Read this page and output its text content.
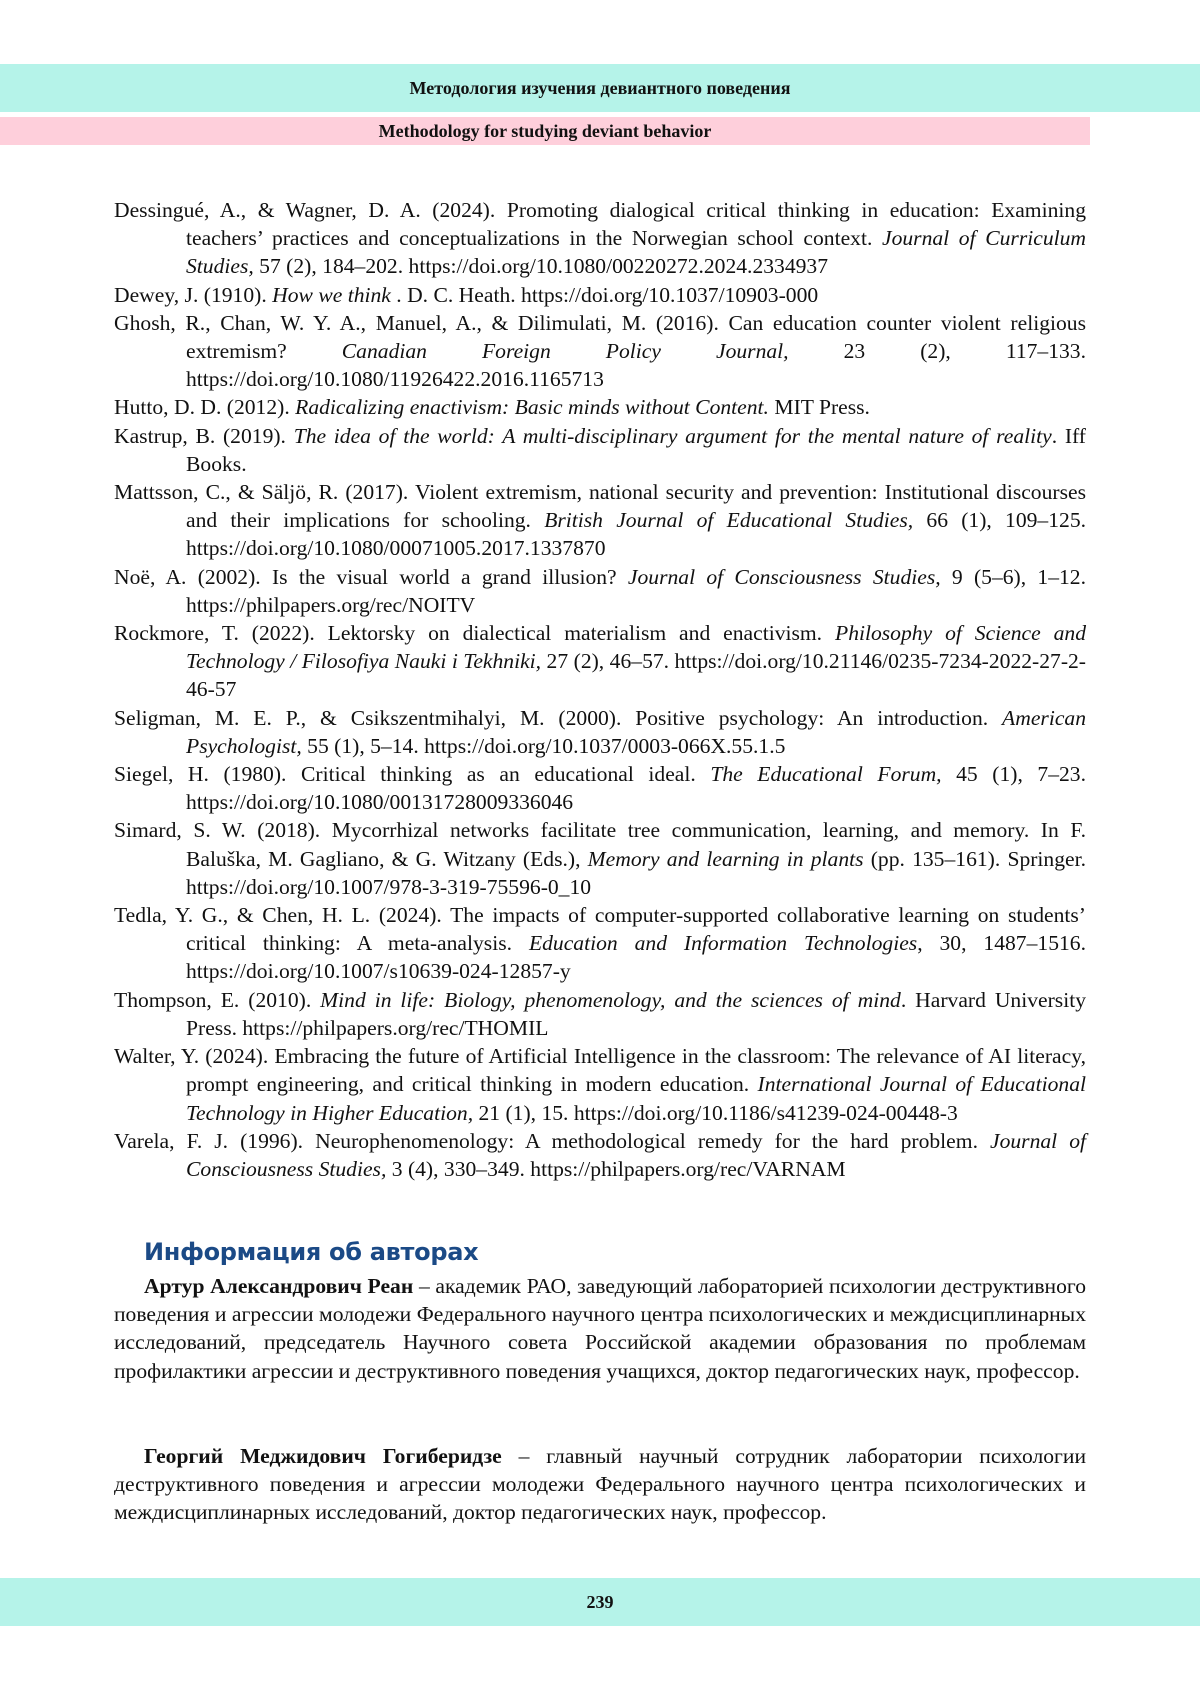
Методология изучения девиантного поведения
Methodology for studying deviant behavior
Dessingué, A., & Wagner, D. A. (2024). Promoting dialogical critical thinking in education: Examining teachers’ practices and conceptualizations in the Norwegian school context. Journal of Curriculum Studies, 57 (2), 184–202. https://doi.org/10.1080/00220272.2024.2334937
Dewey, J. (1910). How we think . D. C. Heath. https://doi.org/10.1037/10903-000
Ghosh, R., Chan, W. Y. A., Manuel, A., & Dilimulati, M. (2016). Can education counter violent religious extremism? Canadian Foreign Policy Journal, 23 (2), 117–133. https://doi.org/10.1080/11926422.2016.1165713
Hutto, D. D. (2012). Radicalizing enactivism: Basic minds without Content. MIT Press.
Kastrup, B. (2019). The idea of the world: A multi-disciplinary argument for the mental nature of reality. Iff Books.
Mattsson, C., & Säljö, R. (2017). Violent extremism, national security and prevention: Institutional discourses and their implications for schooling. British Journal of Educational Studies, 66 (1), 109–125. https://doi.org/10.1080/00071005.2017.1337870
Noë, A. (2002). Is the visual world a grand illusion? Journal of Consciousness Studies, 9 (5–6), 1–12. https://philpapers.org/rec/NOITV
Rockmore, T. (2022). Lektorsky on dialectical materialism and enactivism. Philosophy of Science and Technology / Filosofiya Nauki i Tekhniki, 27 (2), 46–57. https://doi.org/10.21146/0235-7234-2022-27-2-46-57
Seligman, M. E. P., & Csikszentmihalyi, M. (2000). Positive psychology: An introduction. American Psychologist, 55 (1), 5–14. https://doi.org/10.1037/0003-066X.55.1.5
Siegel, H. (1980). Critical thinking as an educational ideal. The Educational Forum, 45 (1), 7–23. https://doi.org/10.1080/00131728009336046
Simard, S. W. (2018). Mycorrhizal networks facilitate tree communication, learning, and memory. In F. Baluška, M. Gagliano, & G. Witzany (Eds.), Memory and learning in plants (pp. 135–161). Springer. https://doi.org/10.1007/978-3-319-75596-0_10
Tedla, Y. G., & Chen, H. L. (2024). The impacts of computer-supported collaborative learning on students’ critical thinking: A meta-analysis. Education and Information Technologies, 30, 1487–1516. https://doi.org/10.1007/s10639-024-12857-y
Thompson, E. (2010). Mind in life: Biology, phenomenology, and the sciences of mind. Harvard University Press. https://philpapers.org/rec/THOMIL
Walter, Y. (2024). Embracing the future of Artificial Intelligence in the classroom: The relevance of AI literacy, prompt engineering, and critical thinking in modern education. International Journal of Educational Technology in Higher Education, 21 (1), 15. https://doi.org/10.1186/s41239-024-00448-3
Varela, F. J. (1996). Neurophenomenology: A methodological remedy for the hard problem. Journal of Consciousness Studies, 3 (4), 330–349. https://philpapers.org/rec/VARNAM
Информация об авторах
Артур Александрович Реан – академик РАО, заведующий лабораторией психологии деструктивного поведения и агрессии молодежи Федерального научного центра психологических и междисциплинарных исследований, председатель Научного совета Российской академии образования по проблемам профилактики агрессии и деструктивного поведения учащихся, доктор педагогических наук, профессор.
Георгий Меджидович Гогиберидзе – главный научный сотрудник лаборатории психологии деструктивного поведения и агрессии молодежи Федерального научного центра психологических и междисциплинарных исследований, доктор педагогических наук, профессор.
239
